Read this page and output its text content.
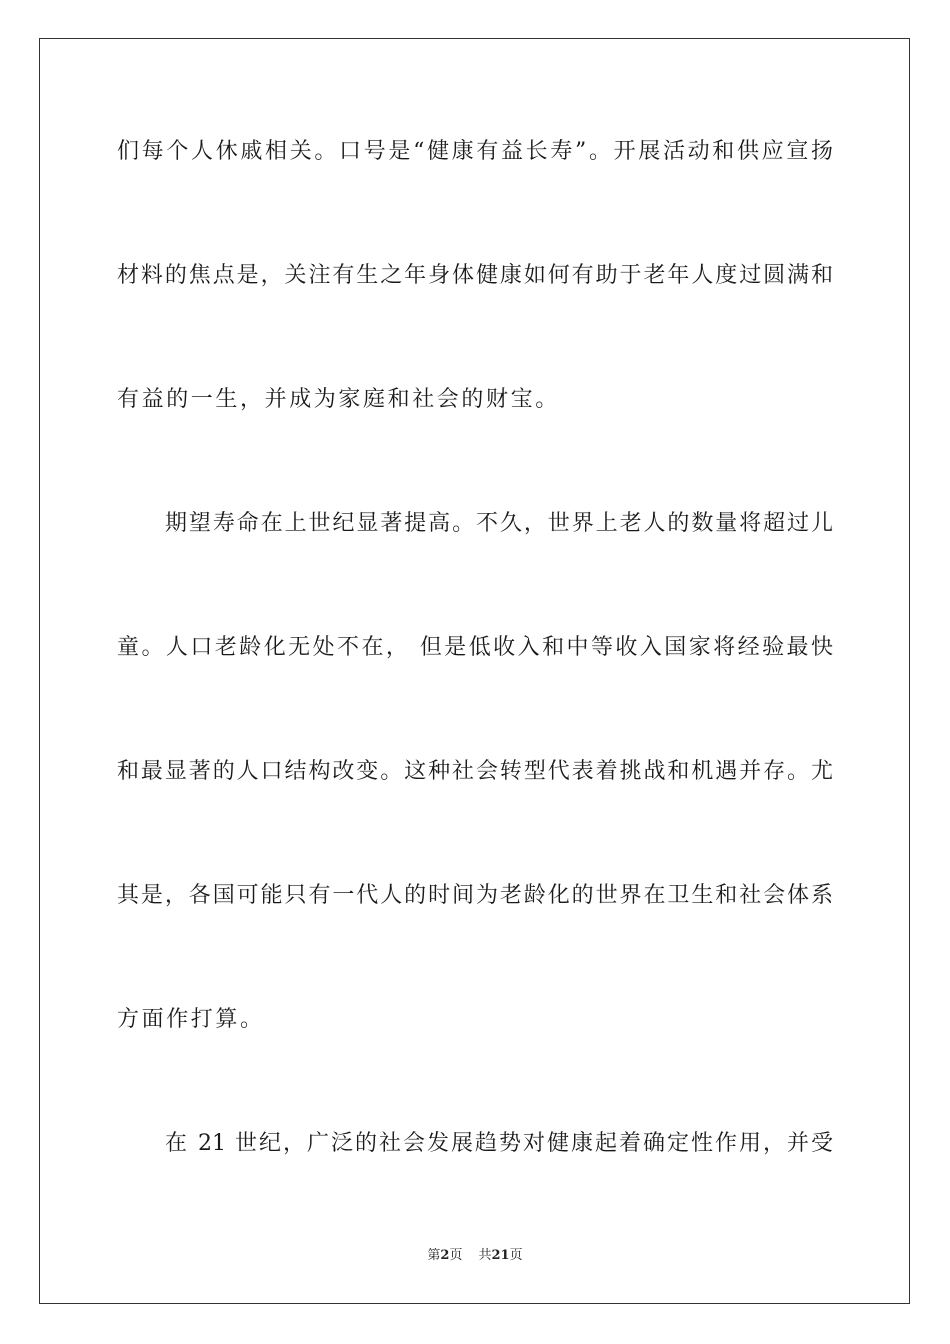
们每个人休戚相关。口号是“健康有益长寿”。开展活动和供应宣扬
材料的焦点是，关注有生之年身体健康如何有助于老年人度过圆满和
有益的一生，并成为家庭和社会的财宝。
期望寿命在上世纪显著提高。不久，世界上老人的数量将超过儿
童。人口老龄化无处不在， 但是低收入和中等收入国家将经验最快
和最显著的人口结构改变。这种社会转型代表着挑战和机遇并存。尤
其是，各国可能只有一代人的时间为老龄化的世界在卫生和社会体系
方面作打算。
在 21 世纪，广泛的社会发展趋势对健康起着确定性作用，并受
第2页 共21页
